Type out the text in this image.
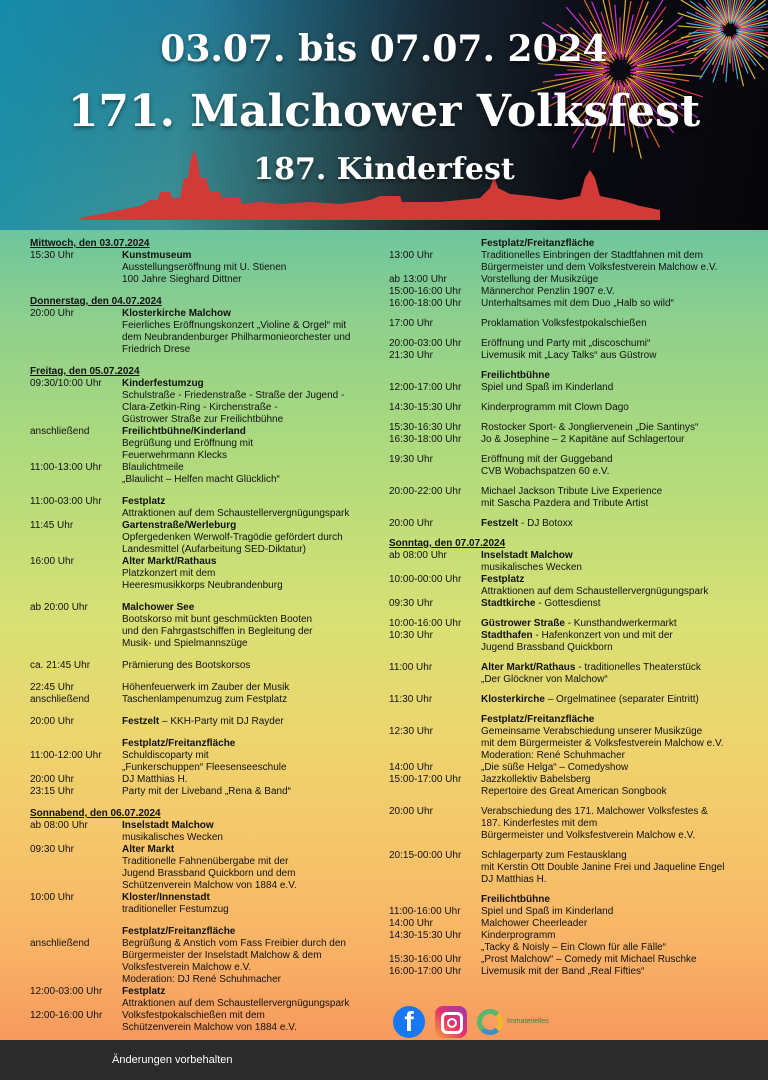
03.07. bis 07.07. 2024
171. Malchower Volksfest
187. Kinderfest
Mittwoch, den 03.07.2024
15:30 Uhr	Kunstmuseum
Ausstellungseröffnung mit U. Stienen
100 Jahre Sieghard Dittner
Donnerstag, den 04.07.2024
20:00 Uhr	Klosterkirche Malchow
Feierliches Eröffnungskonzert „Violine & Orgel“ mit
dem Neubrandenburger Philharmonieorchester und
Friedrich Drese
Freitag, den 05.07.2024
09:30/10:00 Uhr	Kinderfestumzug
Schulstraße - Friedenstraße - Straße der Jugend -
Clara-Zetkin-Ring - Kirchenstraße -
Güstrower Straße zur Freilichtbühne
anschließend	Freilichtbühne/Kinderland
Begrüßung und Eröffnung mit
Feuerwehrmann Klecks
11:00-13:00 Uhr	Blaulichtmeile
„Blaulicht – Helfen macht Glücklich“
11:00-03:00 Uhr	Festplatz
Attraktionen auf dem Schaustellervergnügungspark
11:45 Uhr	Gartenstraße/Werleburg
Opfergedenken Werwolf-Tragödie gefördert durch
Landesmittel (Aufarbeitung SED-Diktatur)
16:00 Uhr	Alter Markt/Rathaus
Platzkonzert mit dem
Heeresmusikkorps Neubrandenburg
ab 20:00 Uhr	Malchower See
Bootskorso mit bunt geschmückten Booten
und den Fahrgastschiffen in Begleitung der
Musik- und Spielmannszüge
ca. 21:45 Uhr	Prämierung des Bootskorsos
22:45 Uhr	Höhenfeuerwerk im Zauber der Musik
anschließend	Taschenlampenumzug zum Festplatz
20:00 Uhr	Festzelt – KKH-Party mit DJ Rayder
Festplatz/Freitanzfläche
11:00-12:00 Uhr	Schuldiscoparty mit
„Funkerschuppen“ Fleesenseeschule
20:00 Uhr	DJ Matthias H.
23:15 Uhr	Party mit der Liveband „Rena & Band“
Sonnabend, den 06.07.2024
ab 08:00 Uhr	Inselstadt Malchow
musikalisches Wecken
09:30 Uhr	Alter Markt
Traditionelle Fahnenübergabe mit der
Jugend Brassband Quickborn und dem
Schützenverein Malchow von 1884 e.V.
10:00 Uhr	Kloster/Innenstadt
traditioneller Festumzug
Festplatz/Freitanzfläche
anschließend	Begrüßung & Anstich vom Fass Freibier durch den
Bürgermeister der Inselstadt Malchow & dem
Volksfestverein Malchow e.V.
Moderation: DJ René Schuhmacher
12:00-03:00 Uhr	Festplatz
Attraktionen auf dem Schaustellervergnügungspark
12:00-16:00 Uhr	Volksfestpokalschießen mit dem
Schützenverein Malchow von 1884 e.V.
Festplatz/Freitanzfläche
13:00 Uhr	Traditionelles Einbringen der Stadtfahnen mit dem
Bürgermeister und dem Volksfestverein Malchow e.V.
ab 13:00 Uhr	Vorstellung der Musikzüge
15:00-16:00 Uhr	Männerchor Penzlin 1907 e.V.
16:00-18:00 Uhr	Unterhaltsames mit dem Duo „Halb so wild“
17:00 Uhr	Proklamation Volksfestpokalschießen
20:00-03:00 Uhr	Eröffnung und Party mit „discoschumi“
21:30 Uhr	Livemusik mit „Lacy Talks“ aus Güstrow
Freilichtbühne
12:00-17:00 Uhr	Spiel und Spaß im Kinderland
14:30-15:30 Uhr	Kinderprogramm mit Clown Dago
15:30-16:30 Uhr	Rostocker Sport- & Jongliervenein „Die Santinys“
16:30-18:00 Uhr	Jo & Josephine – 2 Kapitäne auf Schlagertour
19:30 Uhr	Eröffnung mit der Guggeband
CVB Wobachspatzen 60 e.V.
20:00-22:00 Uhr	Michael Jackson Tribute Live Experience
mit Sascha Pazdera and Tribute Artist
20:00 Uhr	Festzelt - DJ Botoxx
Sonntag, den 07.07.2024
ab 08:00 Uhr	Inselstadt Malchow
musikalisches Wecken
10:00-00:00 Uhr	Festplatz
Attraktionen auf dem Schaustellervergnügungspark
09:30 Uhr	Stadtkirche - Gottesdienst
10:00-16:00 Uhr	Güstrower Straße - Kunsthandwerkermarkt
10:30 Uhr	Stadthafen - Hafenkonzert von und mit der
Jugend Brassband Quickborn
11:00 Uhr	Alter Markt/Rathaus - traditionelles Theaterstück
„Der Glöckner von Malchow“
11:30 Uhr	Klosterkirche – Orgelmatinee (separater Eintritt)
Festplatz/Freitanzfläche
12:30 Uhr	Gemeinsame Verabschiedung unserer Musikzüge
mit dem Bürgermeister & Volksfestverein Malchow e.V.
Moderation: René Schuhmacher
14:00 Uhr	„Die süße Helga“ – Comedyshow
15:00-17:00 Uhr	Jazzkollektiv Babelsberg
Repertoire des Great American Songbook
20:00 Uhr	Verabschiedung des 171. Malchower Volksfestes &
187. Kinderfestes mit dem
Bürgermeister und Volksfestverein Malchow e.V.
20:15-00:00 Uhr	Schlagerparty zum Festausklang
mit Kerstin Ott Double Janine Frei und Jaqueline Engel
DJ Matthias H.
Freilichtbühne
11:00-16:00 Uhr	Spiel und Spaß im Kinderland
14:00 Uhr	Malchower Cheerleader
14:30-15:30 Uhr	Kinderprogramm
„Tacky & Noisly – Ein Clown für alle Fälle“
15:30-16:00 Uhr	„Prost Malchow“ – Comedy mit Michael Ruschke
16:00-17:00 Uhr	Livemusik mit der Band „Real Fifties“
f	Immaterielles
Änderungen vorbehalten
